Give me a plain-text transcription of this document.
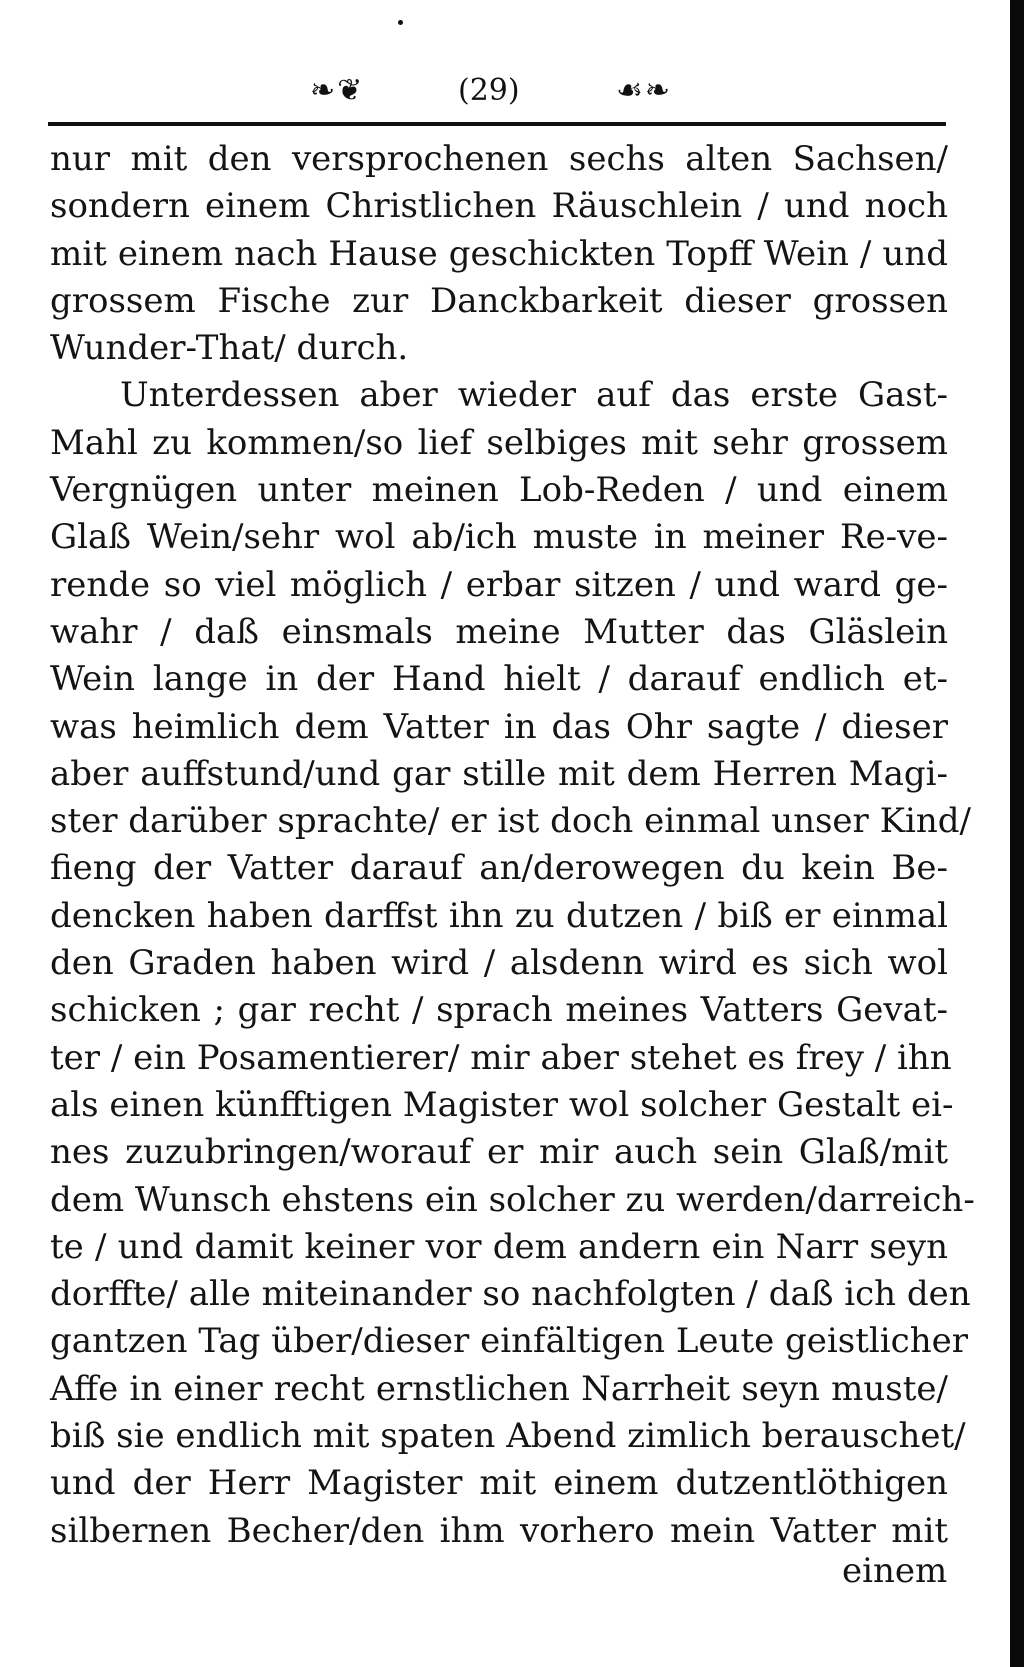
❧❦	(29)	☙❧
nur mit den versprochenen sechs alten Sachsen/
sondern einem Christlichen Räuschlein / und noch
mit einem nach Hause geschickten Topff Wein / und
grossem Fische zur Danckbarkeit dieser grossen
Wunder-That/ durch.
Unterdessen aber wieder auf das erste Gast-
Mahl zu kommen/so lief selbiges mit sehr grossem
Vergnügen unter meinen Lob-Reden / und einem
Glaß Wein/sehr wol ab/ich muste in meiner Re-ve-
rende so viel möglich / erbar sitzen / und ward ge-
wahr / daß einsmals meine Mutter das Gläslein
Wein lange in der Hand hielt / darauf endlich et-
was heimlich dem Vatter in das Ohr sagte / dieser
aber auffstund/und gar stille mit dem Herren Magi-
ster darüber sprachte/ er ist doch einmal unser Kind/
fieng der Vatter darauf an/derowegen du kein Be-
dencken haben darffst ihn zu dutzen / biß er einmal
den Graden haben wird / alsdenn wird es sich wol
schicken ; gar recht / sprach meines Vatters Gevat-
ter / ein Posamentierer/ mir aber stehet es frey / ihn
als einen künfftigen Magister wol solcher Gestalt ei-
nes zuzubringen/worauf er mir auch sein Glaß/mit
dem Wunsch ehstens ein solcher zu werden/darreich-
te / und damit keiner vor dem andern ein Narr seyn
dorffte/ alle miteinander so nachfolgten / daß ich den
gantzen Tag über/dieser einfältigen Leute geistlicher
Affe in einer recht ernstlichen Narrheit seyn muste/
biß sie endlich mit spaten Abend zimlich berauschet/
und der Herr Magister mit einem dutzentlöthigen
silbernen Becher/den ihm vorhero mein Vatter mit
einem
